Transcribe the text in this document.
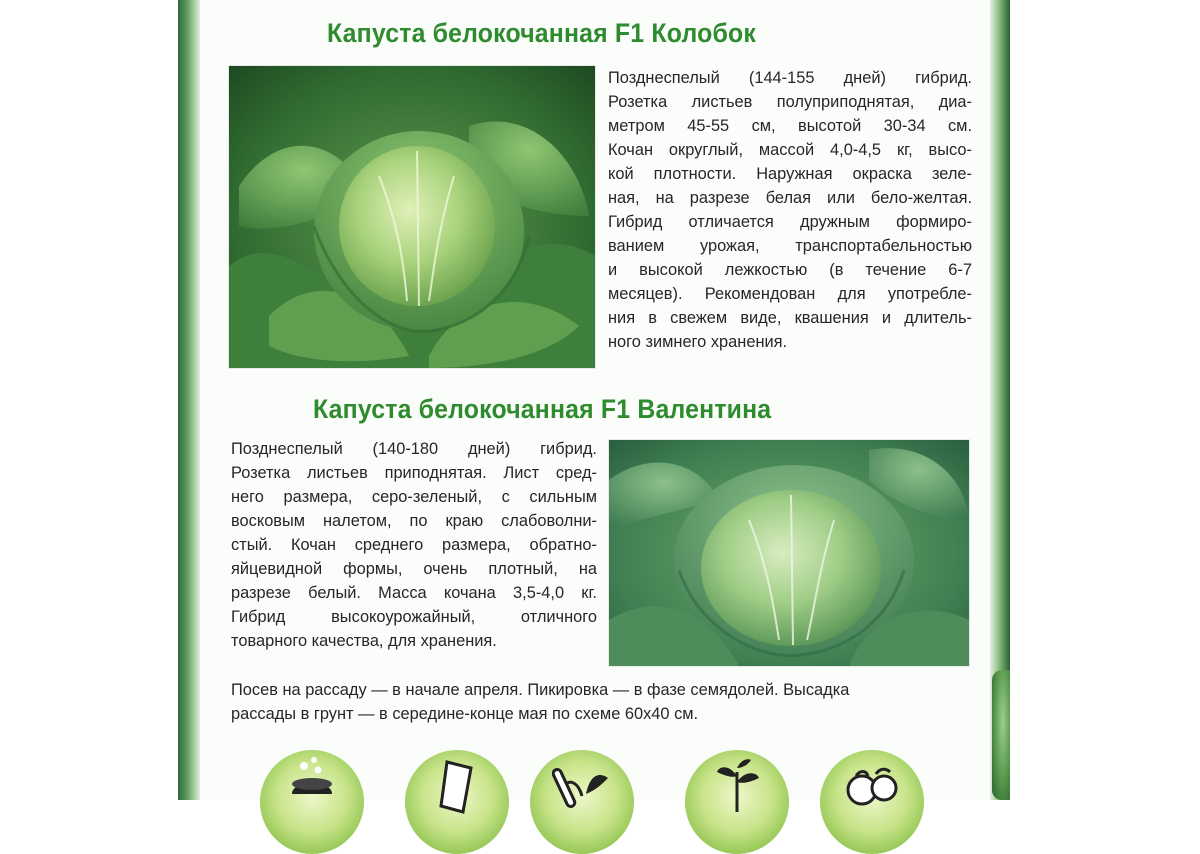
Капуста белокочанная F1 Колобок
Позднеспелый (144-155 дней) гибрид.
Розетка листьев полуприподнятая, диа-
метром 45-55 см, высотой 30-34 см.
Кочан округлый, массой 4,0-4,5 кг, высо-
кой плотности. Наружная окраска зеле-
ная, на разрезе белая или бело-желтая.
Гибрид отличается дружным формиро-
ванием урожая, транспортабельностью
и высокой лежкостью (в течение 6-7
месяцев). Рекомендован для употребле-
ния в свежем виде, квашения и длитель-
ного зимнего хранения.
Капуста белокочанная F1 Валентина
Позднеспелый (140-180 дней) гибрид.
Розетка листьев приподнятая. Лист сред-
него размера, серо-зеленый, с сильным
восковым налетом, по краю слабоволни-
стый. Кочан среднего размера, обратно-
яйцевидной формы, очень плотный, на
разрезе белый. Масса кочана 3,5-4,0 кг.
Гибрид высокоурожайный, отличного
товарного качества, для хранения.
Посев на рассаду — в начале апреля. Пикировка — в фазе семядолей. Высадка
рассады в грунт — в середине-конце мая по схеме 60х40 см.
